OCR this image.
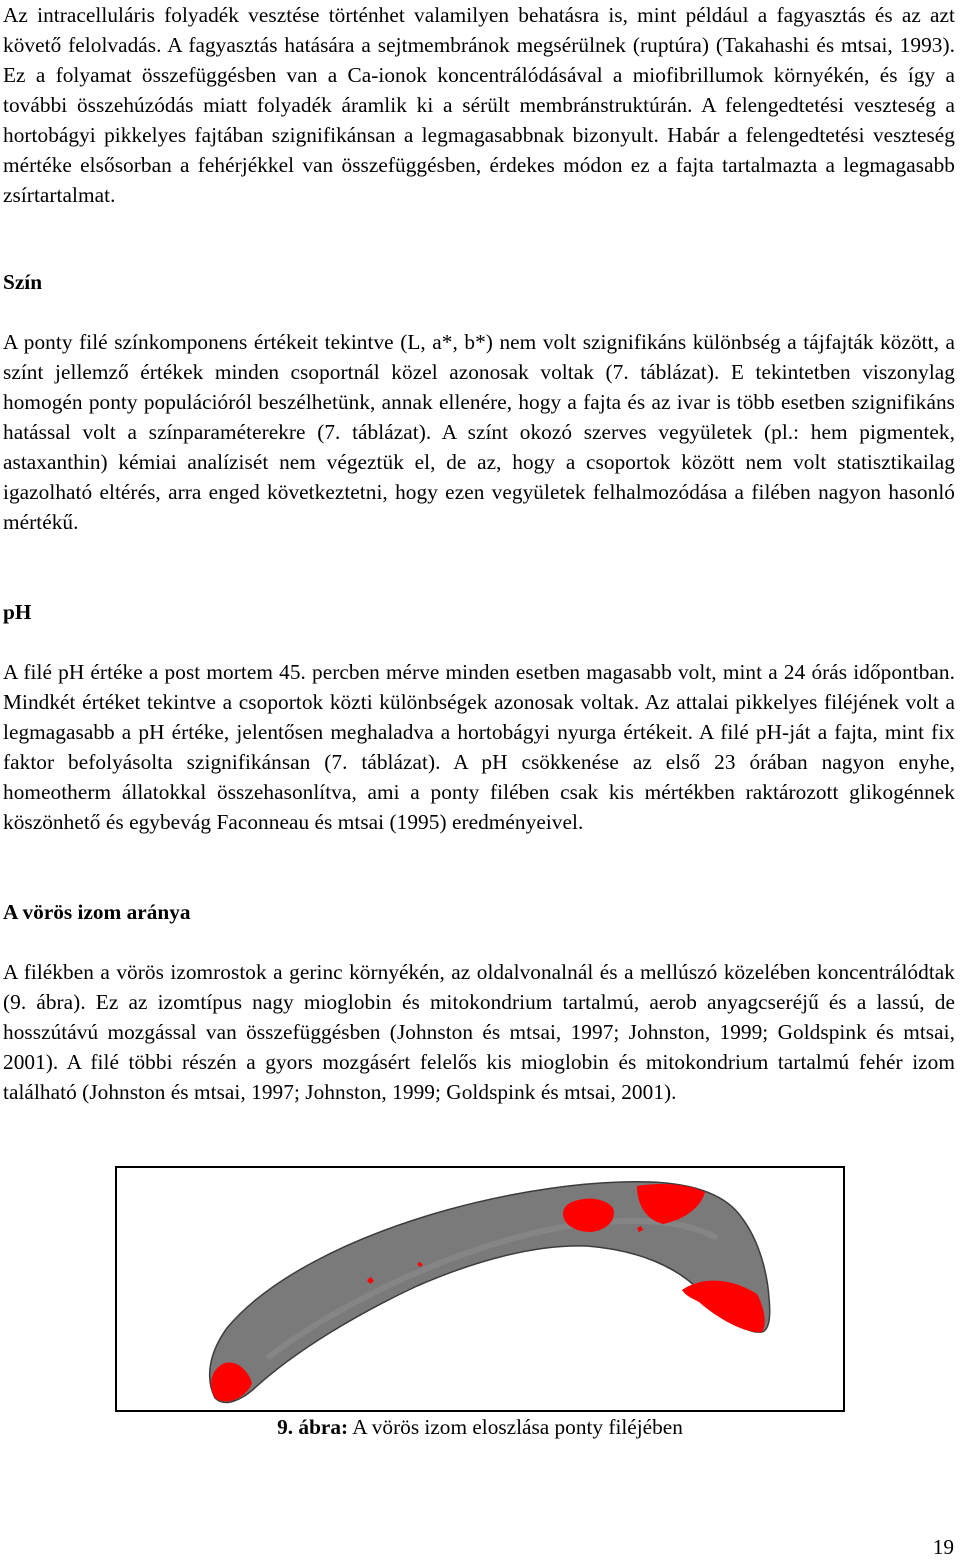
Az intracelluláris folyadék vesztése történhet valamilyen behatásra is, mint például a fagyasztás és az azt követő felolvadás. A fagyasztás hatására a sejtmembránok megsérülnek (ruptúra) (Takahashi és mtsai, 1993). Ez a folyamat összefüggésben van a Ca-ionok koncentrálódásával a miofibrillumok környékén, és így a további összehúzódás miatt folyadék áramlik ki a sérült membránstruktúrán. A felengedtetési veszteség a hortobágyi pikkelyes fajtában szignifikánsan a legmagasabbnak bizonyult. Habár a felengedtetési veszteség mértéke elsősorban a fehérjékkel van összefüggésben, érdekes módon ez a fajta tartalmazta a legmagasabb zsírtartalmat.

Szín

A ponty filé színkomponens értékeit tekintve (L, a*, b*) nem volt szignifikáns különbség a tájfajták között, a színt jellemző értékek minden csoportnál közel azonosak voltak (7. táblázat). E tekintetben viszonylag homogén ponty populációról beszélhetünk, annak ellenére, hogy a fajta és az ivar is több esetben szignifikáns hatással volt a színparaméterekre (7. táblázat). A színt okozó szerves vegyületek (pl.: hem pigmentek, astaxanthin) kémiai analízisét nem végeztük el, de az, hogy a csoportok között nem volt statisztikailag igazolható eltérés, arra enged következtetni, hogy ezen vegyületek felhalmozódása a filében nagyon hasonló mértékű.

pH

A filé pH értéke a post mortem 45. percben mérve minden esetben magasabb volt, mint a 24 órás időpontban. Mindkét értéket tekintve a csoportok közti különbségek azonosak voltak. Az attalai pikkelyes filéjének volt a legmagasabb a pH értéke, jelentősen meghaladva a hortobágyi nyurga értékeit. A filé pH-ját a fajta, mint fix faktor befolyásolta szignifikánsan (7. táblázat). A pH csökkenése az első 23 órában nagyon enyhe, homeotherm állatokkal összehasonlítva, ami a ponty filében csak kis mértékben raktározott glikogénnek köszönhető és egybevág Faconneau és mtsai (1995) eredményeivel.

A vörös izom aránya

A filékben a vörös izomrostok a gerinc környékén, az oldalvonalnál és a mellúszó közelében koncentrálódtak (9. ábra). Ez az izomtípus nagy mioglobin és mitokondrium tartalmú, aerob anyagcseréjű és a lassú, de hosszútávú mozgással van összefüggésben (Johnston és mtsai, 1997; Johnston, 1999; Goldspink és mtsai, 2001). A filé többi részén a gyors mozgásért felelős kis mioglobin és mitokondrium tartalmú fehér izom található (Johnston és mtsai, 1997; Johnston, 1999; Goldspink és mtsai, 2001).

9. ábra: A vörös izom eloszlása ponty filéjében
19
